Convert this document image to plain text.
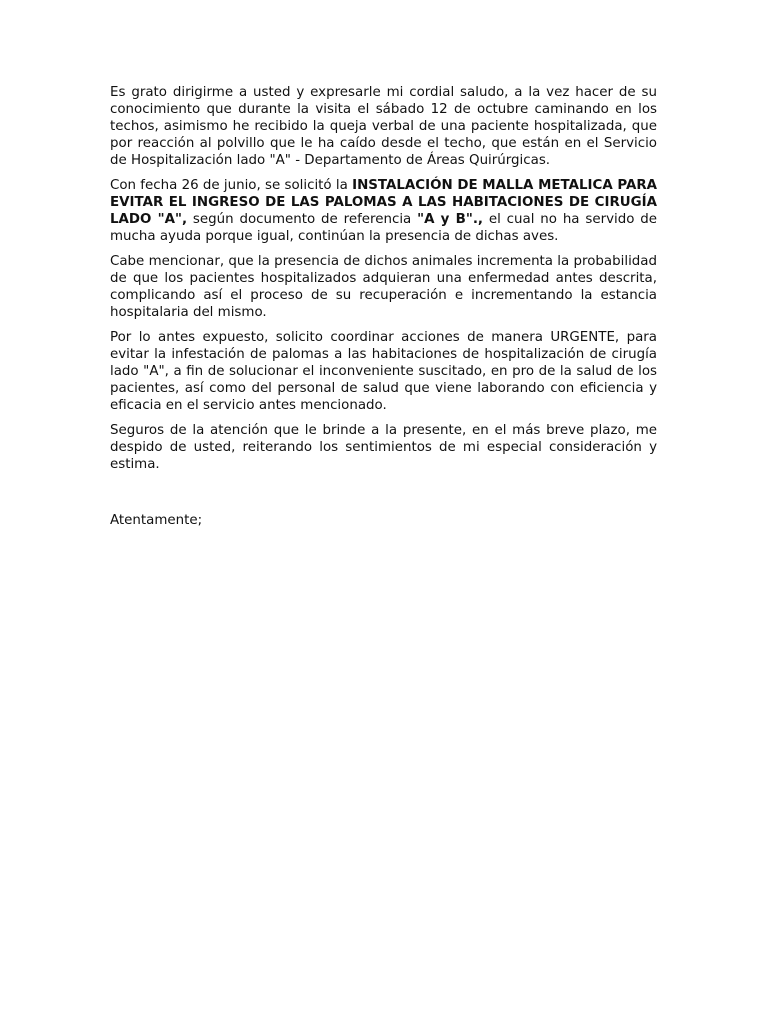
Es grato dirigirme a usted y expresarle mi cordial saludo, a la vez hacer de su conocimiento que durante la visita el sábado 12 de octubre caminando en los techos, asimismo he recibido la queja verbal de una paciente hospitalizada, que por reacción al polvillo que le ha caído desde el techo, que están en el Servicio de Hospitalización lado "A" - Departamento de Áreas Quirúrgicas.

Con fecha 26 de junio, se solicitó la INSTALACIÓN DE MALLA METALICA PARA EVITAR EL INGRESO DE LAS PALOMAS A LAS HABITACIONES DE CIRUGÍA LADO "A", según documento de referencia "A y B"., el cual no ha servido de mucha ayuda porque igual, continúan la presencia de dichas aves.

Cabe mencionar, que la presencia de dichos animales incrementa la probabilidad de que los pacientes hospitalizados adquieran una enfermedad antes descrita, complicando así el proceso de su recuperación e incrementando la estancia hospitalaria del mismo.

Por lo antes expuesto, solicito coordinar acciones de manera URGENTE, para evitar la infestación de palomas a las habitaciones de hospitalización de cirugía lado "A", a fin de solucionar el inconveniente suscitado, en pro de la salud de los pacientes, así como del personal de salud que viene laborando con eficiencia y eficacia en el servicio antes mencionado.

Seguros de la atención que le brinde a la presente, en el más breve plazo, me despido de usted, reiterando los sentimientos de mi especial consideración y estima.

Atentamente;
